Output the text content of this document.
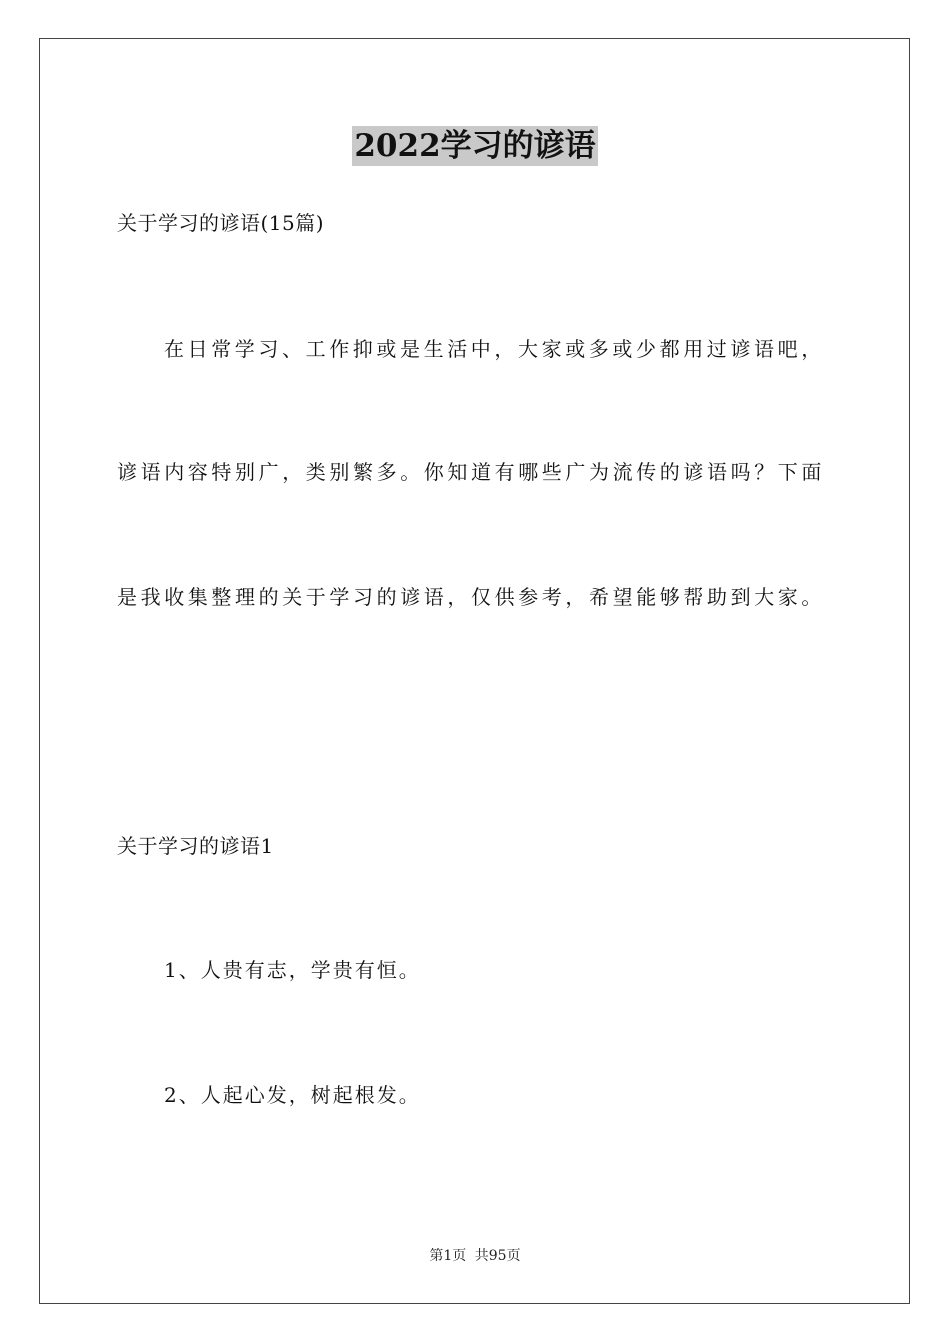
2022学习的谚语
关于学习的谚语(15篇)
在日常学习、工作抑或是生活中，大家或多或少都用过谚语吧，
谚语内容特别广，类别繁多。你知道有哪些广为流传的谚语吗？下面
是我收集整理的关于学习的谚语，仅供参考，希望能够帮助到大家。
关于学习的谚语1
1、人贵有志，学贵有恒。
2、人起心发，树起根发。
第1页 共95页
